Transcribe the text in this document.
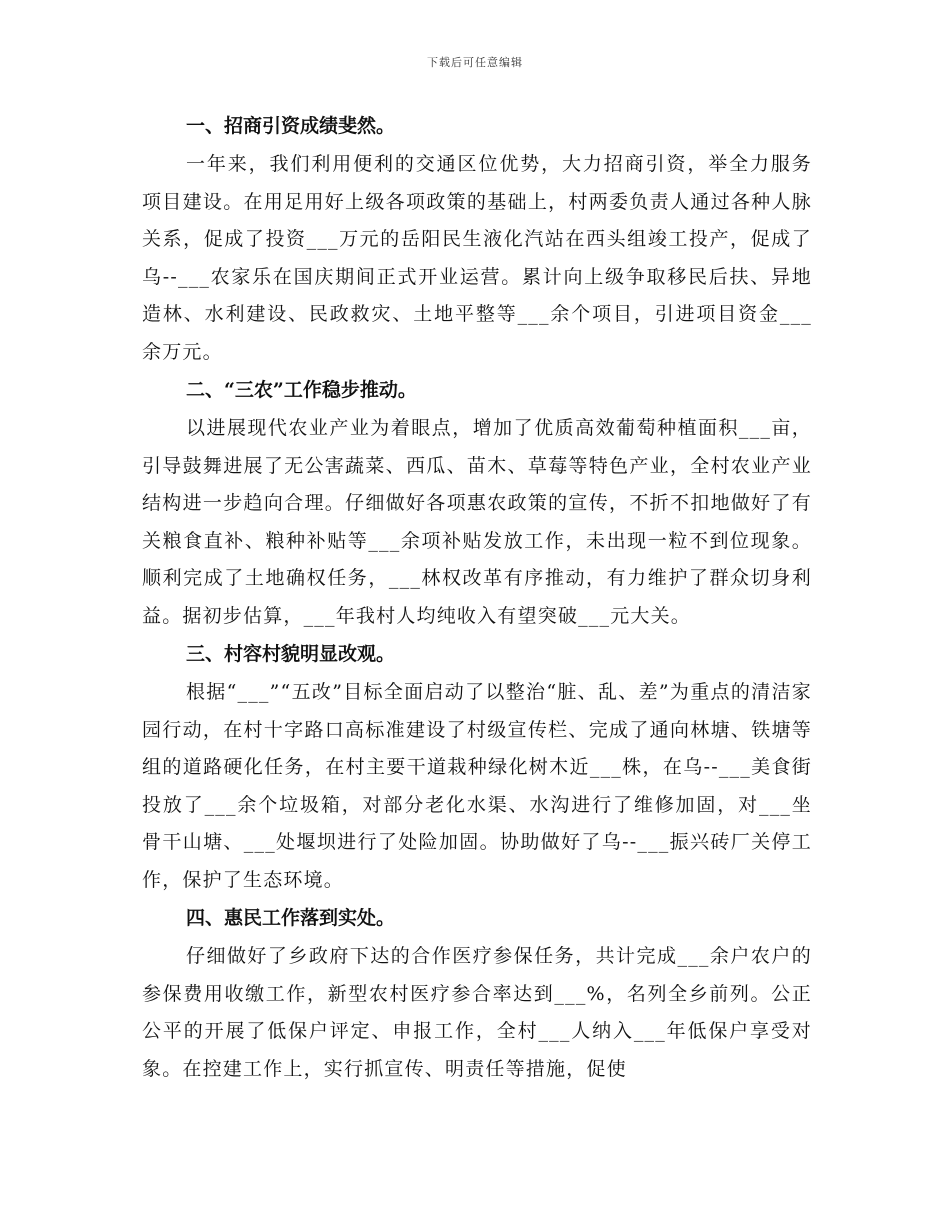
下载后可任意编辑
一、招商引资成绩斐然。

一年来，我们利用便利的交通区位优势，大力招商引资，举全力服务项目建设。在用足用好上级各项政策的基础上，村两委负责人通过各种人脉关系，促成了投资___万元的岳阳民生液化汽站在西头组竣工投产，促成了乌--___农家乐在国庆期间正式开业运营。累计向上级争取移民后扶、异地造林、水利建设、民政救灾、土地平整等___余个项目，引进项目资金___余万元。

二、“三农”工作稳步推动。

以进展现代农业产业为着眼点，增加了优质高效葡萄种植面积___亩，引导鼓舞进展了无公害蔬菜、西瓜、苗木、草莓等特色产业，全村农业产业结构进一步趋向合理。仔细做好各项惠农政策的宣传，不折不扣地做好了有关粮食直补、粮种补贴等___余项补贴发放工作，未出现一粒不到位现象。顺利完成了土地确权任务，___林权改革有序推动，有力维护了群众切身利益。据初步估算，___年我村人均纯收入有望突破___元大关。

三、村容村貌明显改观。

根据“___”“五改”目标全面启动了以整治“脏、乱、差”为重点的清洁家园行动，在村十字路口高标准建设了村级宣传栏、完成了通向林塘、铁塘等组的道路硬化任务，在村主要干道栽种绿化树木近___株，在乌--___美食街投放了___余个垃圾箱，对部分老化水渠、水沟进行了维修加固，对___坐骨干山塘、___处堰坝进行了处险加固。协助做好了乌--___振兴砖厂关停工作，保护了生态环境。

四、惠民工作落到实处。

仔细做好了乡政府下达的合作医疗参保任务，共计完成___余户农户的参保费用收缴工作，新型农村医疗参合率达到___%，名列全乡前列。公正公平的开展了低保户评定、申报工作，全村___人纳入___年低保户享受对象。在控建工作上，实行抓宣传、明责任等措施，促使
